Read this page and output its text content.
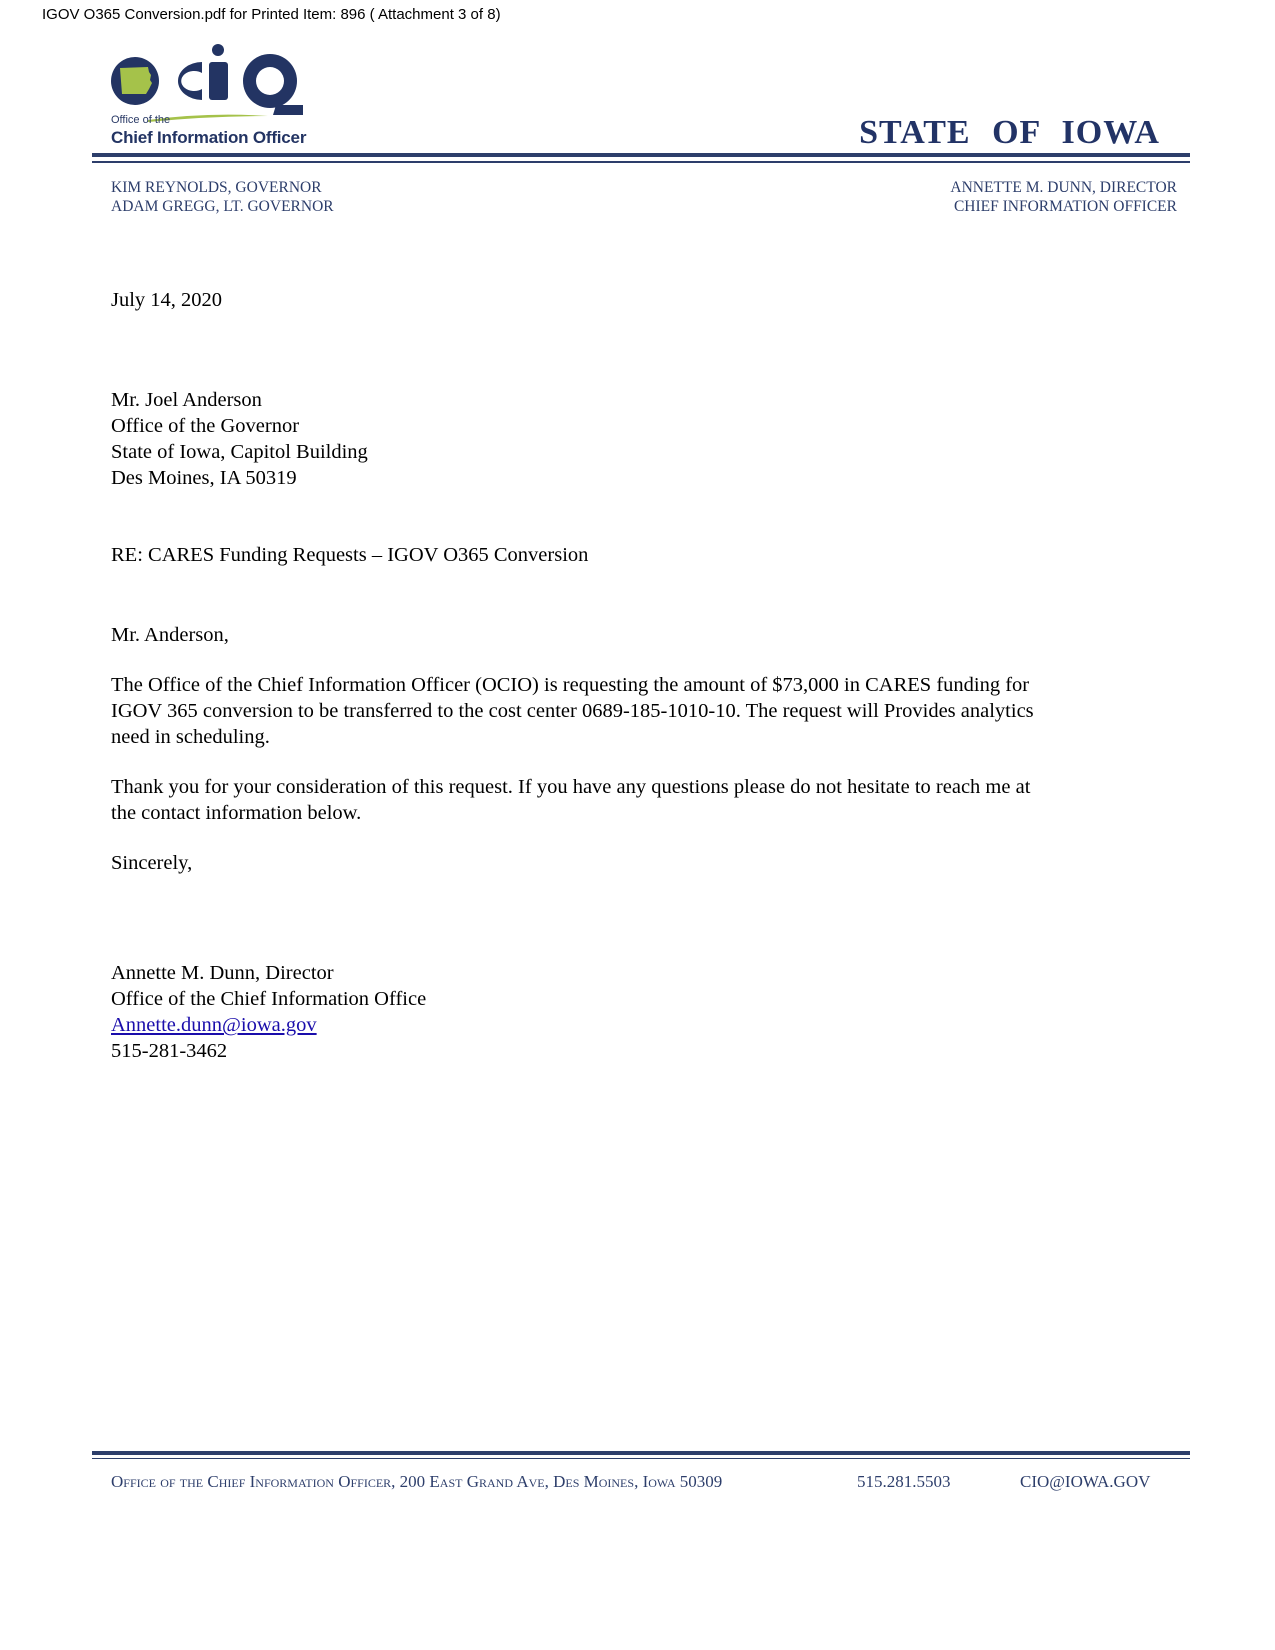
IGOV O365 Conversion.pdf for Printed Item: 896 ( Attachment 3 of 8)
Office of the
Chief Information Officer	STATE OF IOWA
KIM REYNOLDS, GOVERNOR
ADAM GREGG, LT. GOVERNOR
ANNETTE M. DUNN, DIRECTOR
CHIEF INFORMATION OFFICER
July 14, 2020
Mr. Joel Anderson
Office of the Governor
State of Iowa, Capitol Building
Des Moines, IA 50319
RE: CARES Funding Requests – IGOV O365 Conversion
Mr. Anderson,
The Office of the Chief Information Officer (OCIO) is requesting the amount of $73,000 in CARES funding for
IGOV 365 conversion to be transferred to the cost center 0689-185-1010-10. The request will Provides analytics
need in scheduling.
Thank you for your consideration of this request. If you have any questions please do not hesitate to reach me at
the contact information below.
Sincerely,
Annette M. Dunn, Director
Office of the Chief Information Office
Annette.dunn@iowa.gov
515-281-3462
Office of the Chief Information Officer, 200 East Grand Ave, Des Moines, Iowa 50309	515.281.5503	CIO@IOWA.GOV
